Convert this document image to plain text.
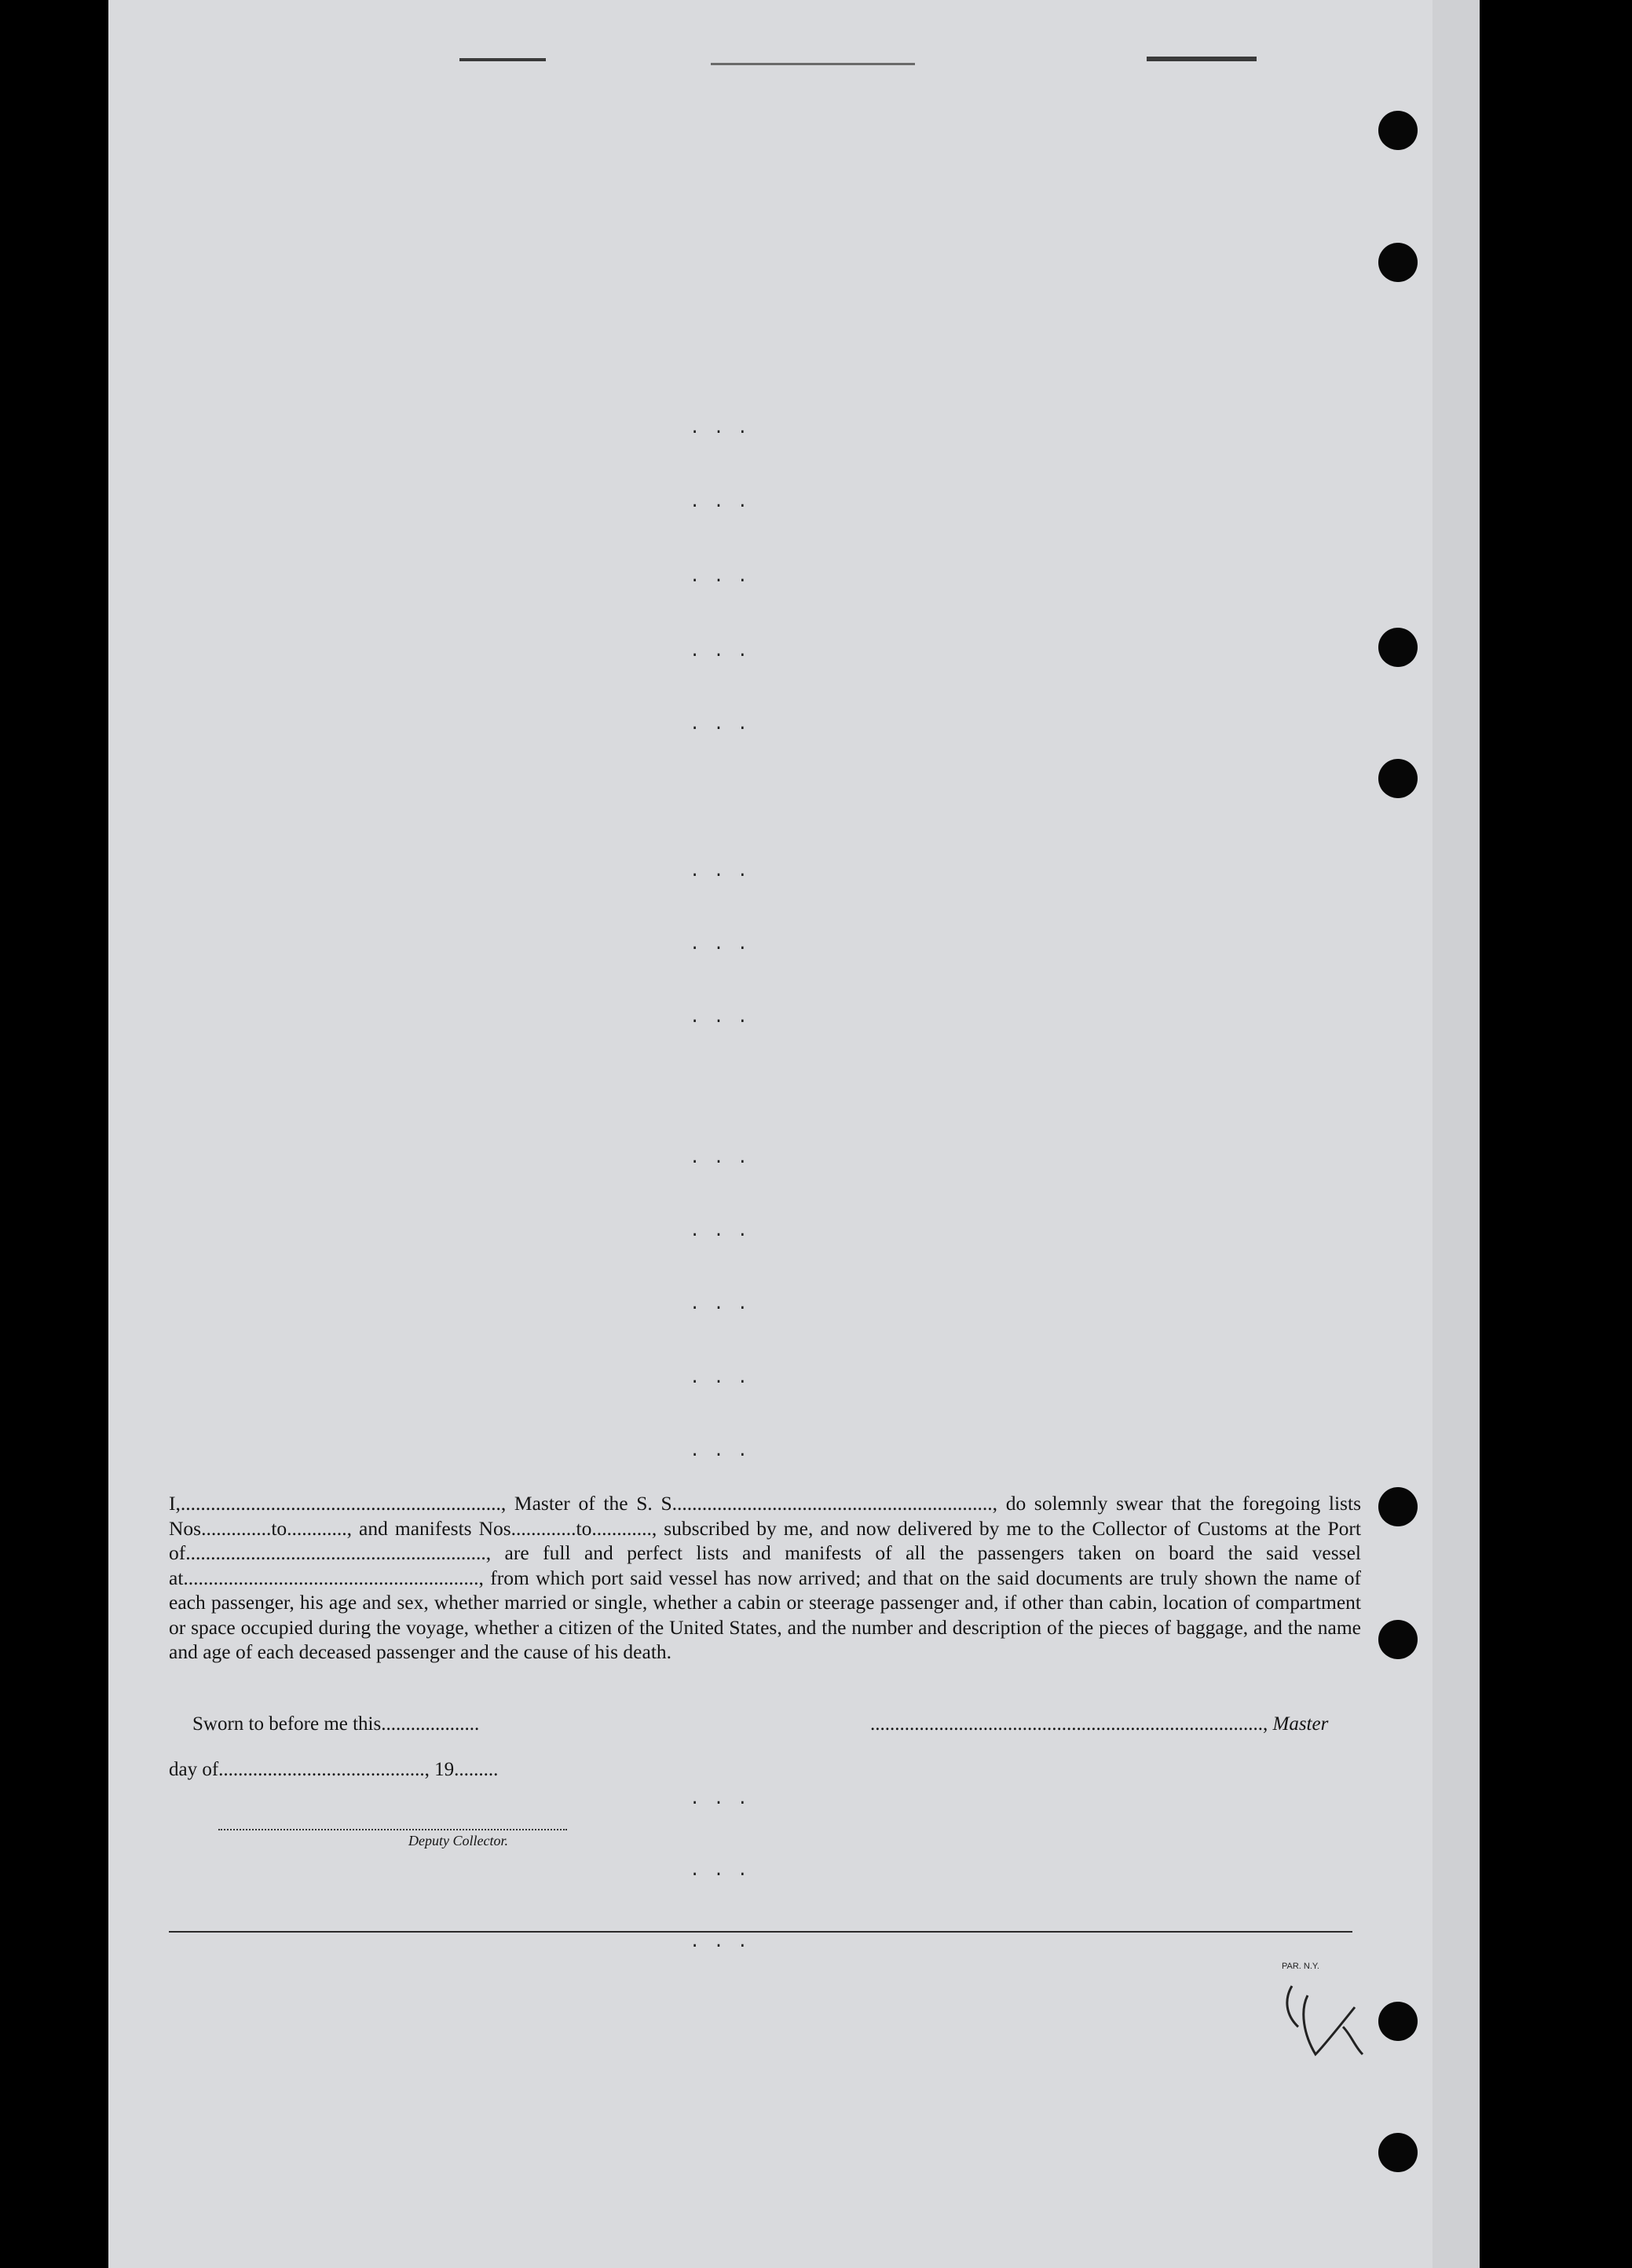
. . .
. . .
. . .
. . .
. . .
. . .
. . .
. . .
. . .
. . .
. . .
. . .
. . .
. . .
. . .
. . .

I,................................................................, Master of the S. S................................................................, do solemnly swear that the foregoing lists Nos..............to............, and manifests Nos.............to............, subscribed by me, and now delivered by me to the Collector of Customs at the Port of............................................................, are full and perfect lists and manifests of all the passengers taken on board the said vessel at..........................................................., from which port said vessel has now arrived; and that on the said documents are truly shown the name of each passenger, his age and sex, whether married or single, whether a cabin or steerage passenger and, if other than cabin, location of compartment or space occupied during the voyage, whether a citizen of the United States, and the number and description of the pieces of baggage, and the name and age of each deceased passenger and the cause of his death.

Sworn to before me this....................	................................................................................, Master
day of.........................................., 19.........
Deputy Collector.
PAR. N.Y.
